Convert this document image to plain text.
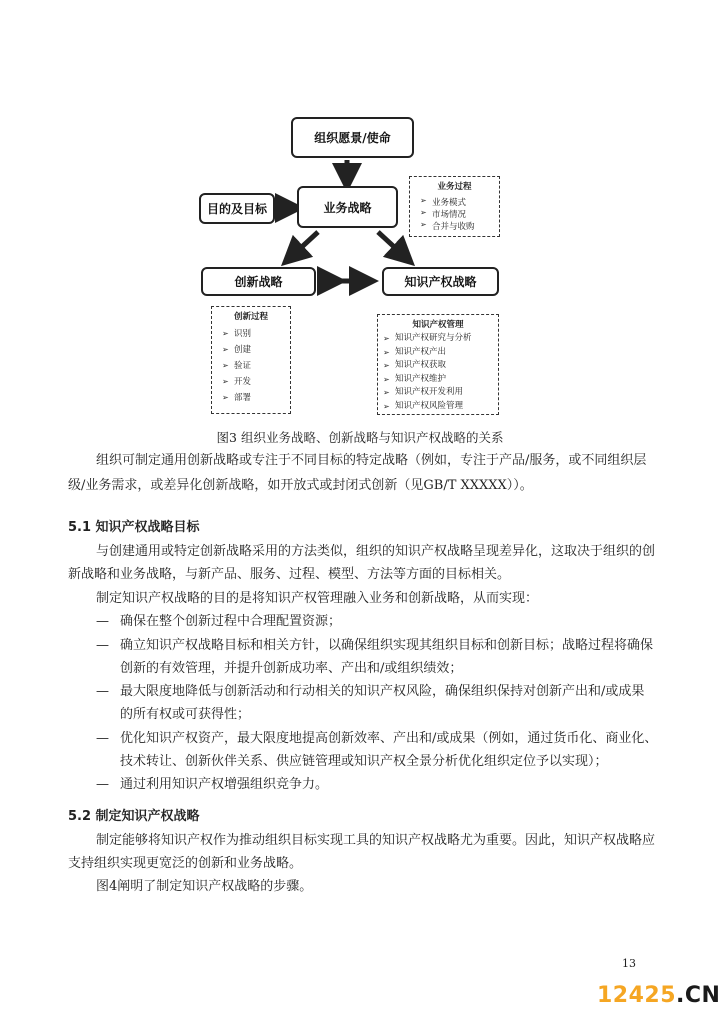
组织愿景/使命
业务战略
目的及目标
创新战略	知识产权战略
业务过程
➢ 业务模式
➢ 市场情况
➢ 合并与收购
创新过程
➢ 识别
➢ 创建
➢ 验证
➢ 开发
➢ 部署
知识产权管理
➢ 知识产权研究与分析
➢ 知识产权产出
➢ 知识产权获取
➢ 知识产权维护
➢ 知识产权开发利用
➢ 知识产权风险管理
图3 组织业务战略、创新战略与知识产权战略的关系
组织可制定通用创新战略或专注于不同目标的特定战略（例如，专注于产品/服务，或不同组织层
级/业务需求，或差异化创新战略，如开放式或封闭式创新（见GB/T XXXXX））。
5.1 知识产权战略目标
与创建通用或特定创新战略采用的方法类似，组织的知识产权战略呈现差异化，这取决于组织的创
新战略和业务战略，与新产品、服务、过程、模型、方法等方面的目标相关。
制定知识产权战略的目的是将知识产权管理融入业务和创新战略，从而实现：
— 确保在整个创新过程中合理配置资源；
— 确立知识产权战略目标和相关方针，以确保组织实现其组织目标和创新目标；战略过程将确保
创新的有效管理，并提升创新成功率、产出和/或组织绩效；
— 最大限度地降低与创新活动和行动相关的知识产权风险，确保组织保持对创新产出和/或成果
的所有权或可获得性；
— 优化知识产权资产，最大限度地提高创新效率、产出和/或成果（例如，通过货币化、商业化、
技术转让、创新伙伴关系、供应链管理或知识产权全景分析优化组织定位予以实现）；
— 通过利用知识产权增强组织竞争力。
5.2 制定知识产权战略
制定能够将知识产权作为推动组织目标实现工具的知识产权战略尤为重要。因此，知识产权战略应
支持组织实现更宽泛的创新和业务战略。
图4阐明了制定知识产权战略的步骤。
13
12425.CN
